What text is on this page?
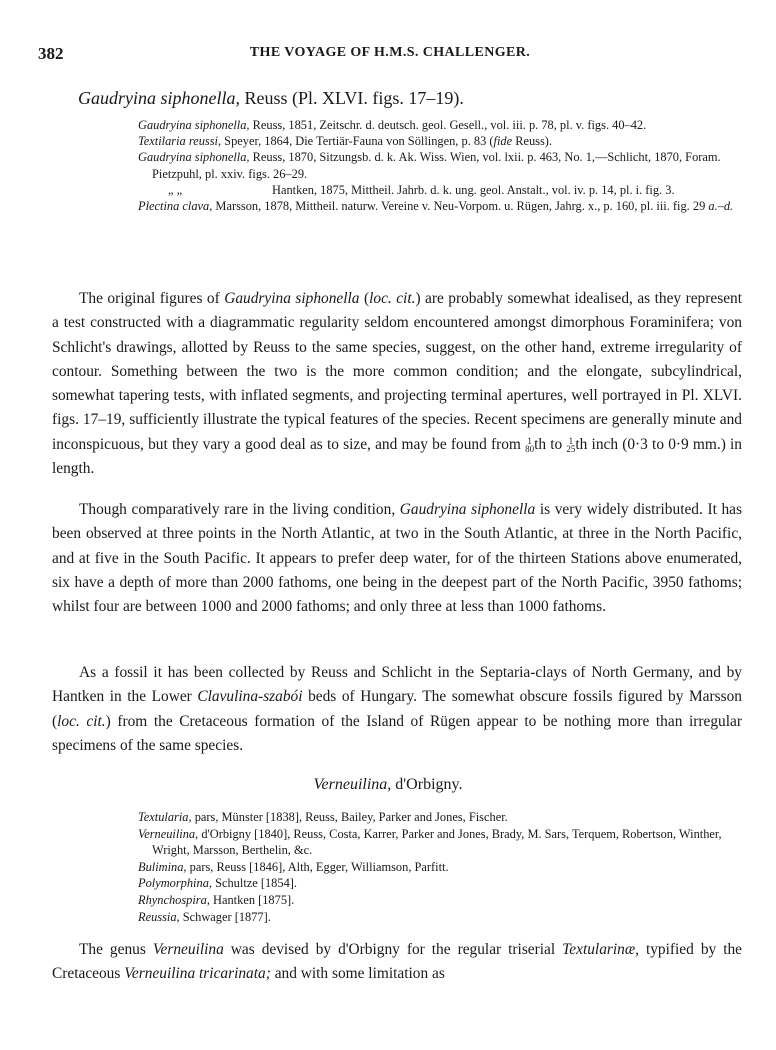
382	THE VOYAGE OF H.M.S. CHALLENGER.
Gaudryina siphonella, Reuss (Pl. XLVI. figs. 17–19).
Gaudryina siphonella, Reuss, 1851, Zeitschr. d. deutsch. geol. Gesell., vol. iii. p. 78, pl. v. figs. 40–42.
Textilaria reussi, Speyer, 1864, Die Tertiär-Fauna von Söllingen, p. 83 (fide Reuss).
Gaudryina siphonella, Reuss, 1870, Sitzungsb. d. k. Ak. Wiss. Wien, vol. lxii. p. 463, No. 1,—Schlicht, 1870, Foram. Pietzpuhl, pl. xxiv. figs. 26–29.
„ „	Hantken, 1875, Mittheil. Jahrb. d. k. ung. geol. Anstalt., vol. iv. p. 14, pl. i. fig. 3.
Plectina clava, Marsson, 1878, Mittheil. naturw. Vereine v. Neu-Vorpom. u. Rügen, Jahrg. x., p. 160, pl. iii. fig. 29 a.–d.

The original figures of Gaudryina siphonella (loc. cit.) are probably somewhat idealised, as they represent a test constructed with a diagrammatic regularity seldom encountered amongst dimorphous Foraminifera; von Schlicht's drawings, allotted by Reuss to the same species, suggest, on the other hand, extreme irregularity of contour. Something between the two is the more common condition; and the elongate, subcylindrical, somewhat tapering tests, with inflated segments, and projecting terminal apertures, well portrayed in Pl. XLVI. figs. 17–19, sufficiently illustrate the typical features of the species. Recent specimens are generally minute and inconspicuous, but they vary a good deal as to size, and may be found from 1
80 th to 1
25 th inch (0·3 to 0·9 mm.) in length.

Though comparatively rare in the living condition, Gaudryina siphonella is very widely distributed. It has been observed at three points in the North Atlantic, at two in the South Atlantic, at three in the North Pacific, and at five in the South Pacific. It appears to prefer deep water, for of the thirteen Stations above enumerated, six have a depth of more than 2000 fathoms, one being in the deepest part of the North Pacific, 3950 fathoms; whilst four are between 1000 and 2000 fathoms; and only three at less than 1000 fathoms.

As a fossil it has been collected by Reuss and Schlicht in the Septaria-clays of North Germany, and by Hantken in the Lower Clavulina-szabói beds of Hungary. The somewhat obscure fossils figured by Marsson (loc. cit.) from the Cretaceous formation of the Island of Rügen appear to be nothing more than irregular specimens of the same species.

Verneuilina, d'Orbigny.
Textularia, pars, Münster [1838], Reuss, Bailey, Parker and Jones, Fischer.
Verneuilina, d'Orbigny [1840], Reuss, Costa, Karrer, Parker and Jones, Brady, M. Sars, Terquem, Robertson, Winther, Wright, Marsson, Berthelin, &c.
Bulimina, pars, Reuss [1846], Alth, Egger, Williamson, Parfitt.
Polymorphina, Schultze [1854].
Rhynchospira, Hantken [1875].
Reussia, Schwager [1877].

The genus Verneuilina was devised by d'Orbigny for the regular triserial Textularinæ, typified by the Cretaceous Verneuilina tricarinata; and with some limitation as
